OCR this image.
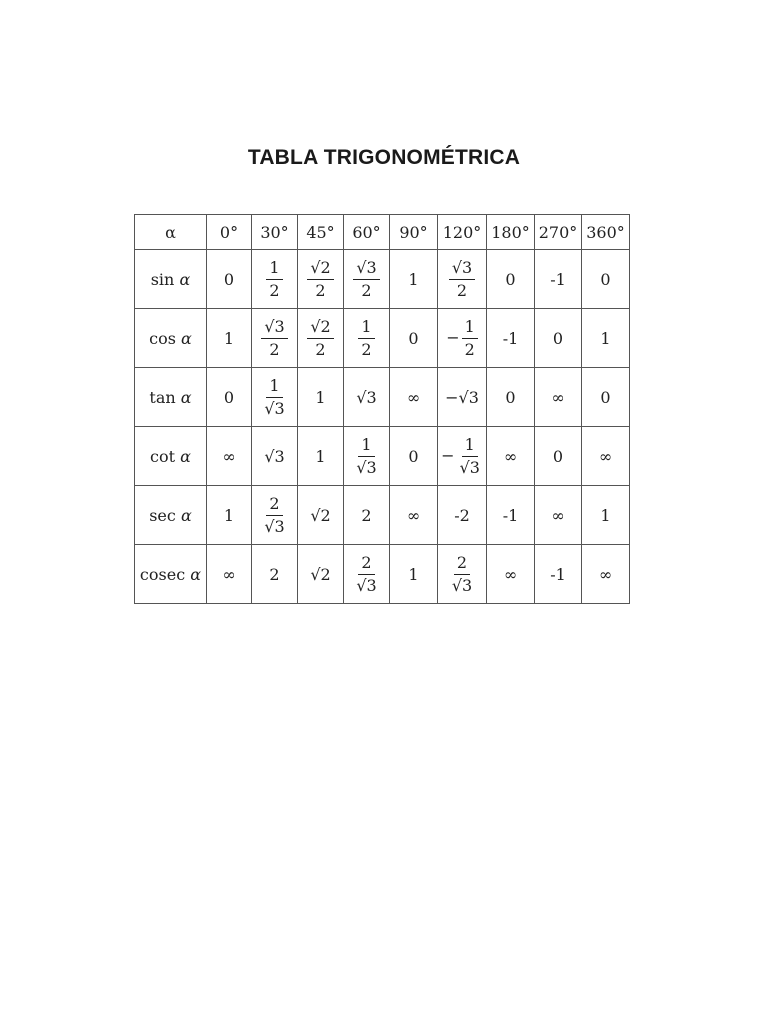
TABLA TRIGONOMÉTRICA
α	0°	30°	45°	60°	90°	120°	180°	270°	360°
sin α	0	$\frac{1}{2}$	$\frac{√2}{2}$	$\frac{√3}{2}$	1	$\frac{√3}{2}$	0	-1	0
cos α	1	$\frac{√3}{2}$	$\frac{√2}{2}$	$\frac{1}{2}$	0	− $\frac{1}{2}$	-1	0	1
tan α	0	$\frac{1}{√3}$	1	√3	∞	−√3	0	∞	0
cot α	∞	√3	1	$\frac{1}{√3}$	0	− $\frac{1}{√3}$	∞	0	∞
sec α	1	$\frac{2}{√3}$	√2	2	∞	-2	-1	∞	1
cosec α	∞	2	√2	$\frac{2}{√3}$	1	$\frac{2}{√3}$	∞	-1	∞
